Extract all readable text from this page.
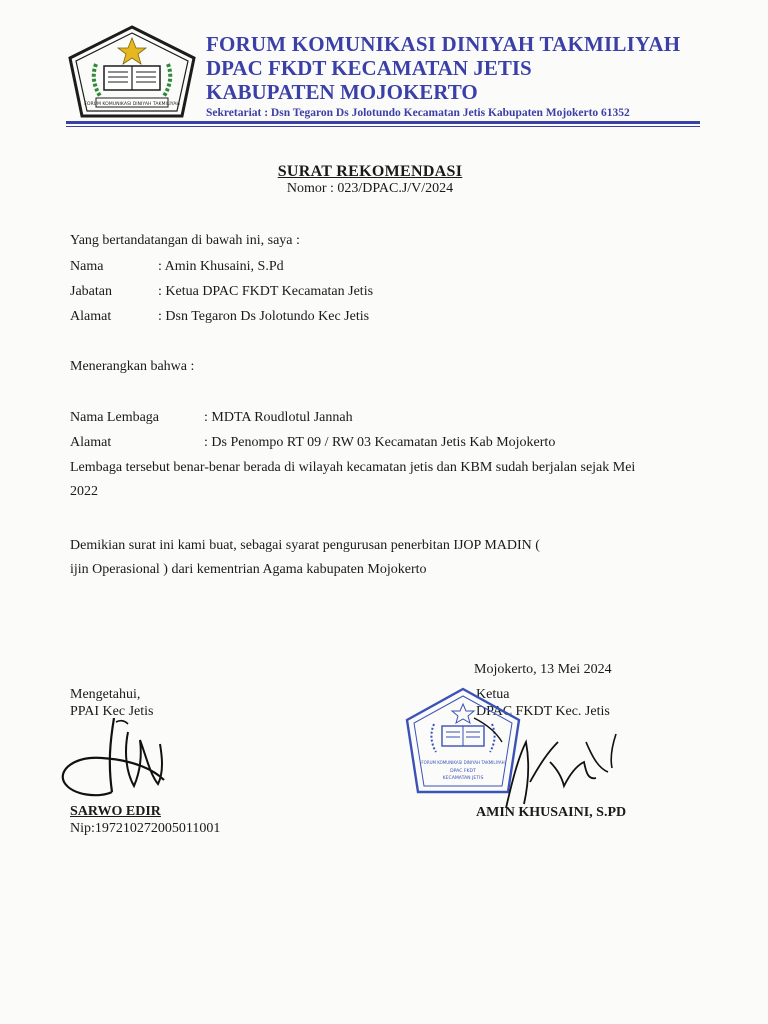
FORUM KOMUNIKASI DINIYAH TAKMILIYAH
FORUM KOMUNIKASI DINIYAH TAKMILIYAH
DPAC FKDT KECAMATAN JETIS
KABUPATEN MOJOKERTO
Sekretariat : Dsn Tegaron Ds Jolotundo Kecamatan Jetis Kabupaten Mojokerto 61352
SURAT REKOMENDASI
Nomor : 023/DPAC.J/V/2024
Yang bertandatangan di bawah ini, saya :
Nama	: Amin Khusaini, S.Pd
Jabatan	: Ketua DPAC FKDT Kecamatan Jetis
Alamat	: Dsn Tegaron Ds Jolotundo Kec Jetis
Menerangkan bahwa :
Nama Lembaga	: MDTA Roudlotul Jannah
Alamat	: Ds Penompo RT 09 / RW 03 Kecamatan Jetis Kab Mojokerto
Lembaga tersebut benar-benar berada di wilayah kecamatan jetis dan KBM sudah berjalan sejak Mei 2022
Demikian surat ini kami buat, sebagai syarat pengurusan penerbitan IJOP MADIN ( ijin Operasional ) dari kementrian Agama kabupaten Mojokerto
Mojokerto, 13 Mei 2024
Mengetahui,
PPAI Kec Jetis
SARWO EDIR
Nip:197210272005011001
Ketua
DPAC FKDT Kec. Jetis
FORUM KOMUNIKASI DINIYAH TAKMILIYAH
DPAC FKDT
KECAMATAN JETIS
AMIN KHUSAINI, S.PD
